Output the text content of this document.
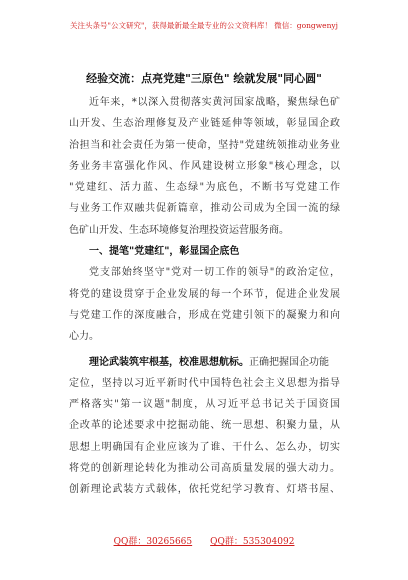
关注头条号"公文研究"，获得最新最全最专业的公文资料库！ 微信：gongwenyj
经验交流：点亮党建"三原色" 绘就发展"同心圆"
近年来，*以深入贯彻落实黄河国家战略，聚焦绿色矿
山开发、生态治理修复及产业链延伸等领域，彰显国企政
治担当和社会责任为第一使命，坚持"党建统领推动业务业
务业务丰富强化作风、作风建设树立形象"核心理念，以
"党建红、活力蓝、生态绿"为底色，不断书写党建工作
与业务工作双融共促新篇章，推动公司成为全国一流的绿
色矿山开发、生态环境修复治理投资运营服务商。
一、提笔"党建红"，彰显国企底色
党支部始终坚守"党对一切工作的领导"的政治定位，
将党的建设贯穿于企业发展的每一个环节，促进企业发展
与党建工作的深度融合，形成在党建引领下的凝聚力和向
心力。
理论武装筑牢根基，校准思想航标。正确把握国企功能
定位，坚持以习近平新时代中国特色社会主义思想为指导
严格落实"第一议题"制度，从习近平总书记关于国资国
企改革的论述要求中挖掘动能、统一思想、积聚力量，从
思想上明确国有企业应该为了谁、干什么、怎么办，切实
将党的创新理论转化为推动公司高质量发展的强大动力。
创新理论武装方式载体，依托党纪学习教育、灯塔书屋、
QQ群：30265665 QQ群：535304092
